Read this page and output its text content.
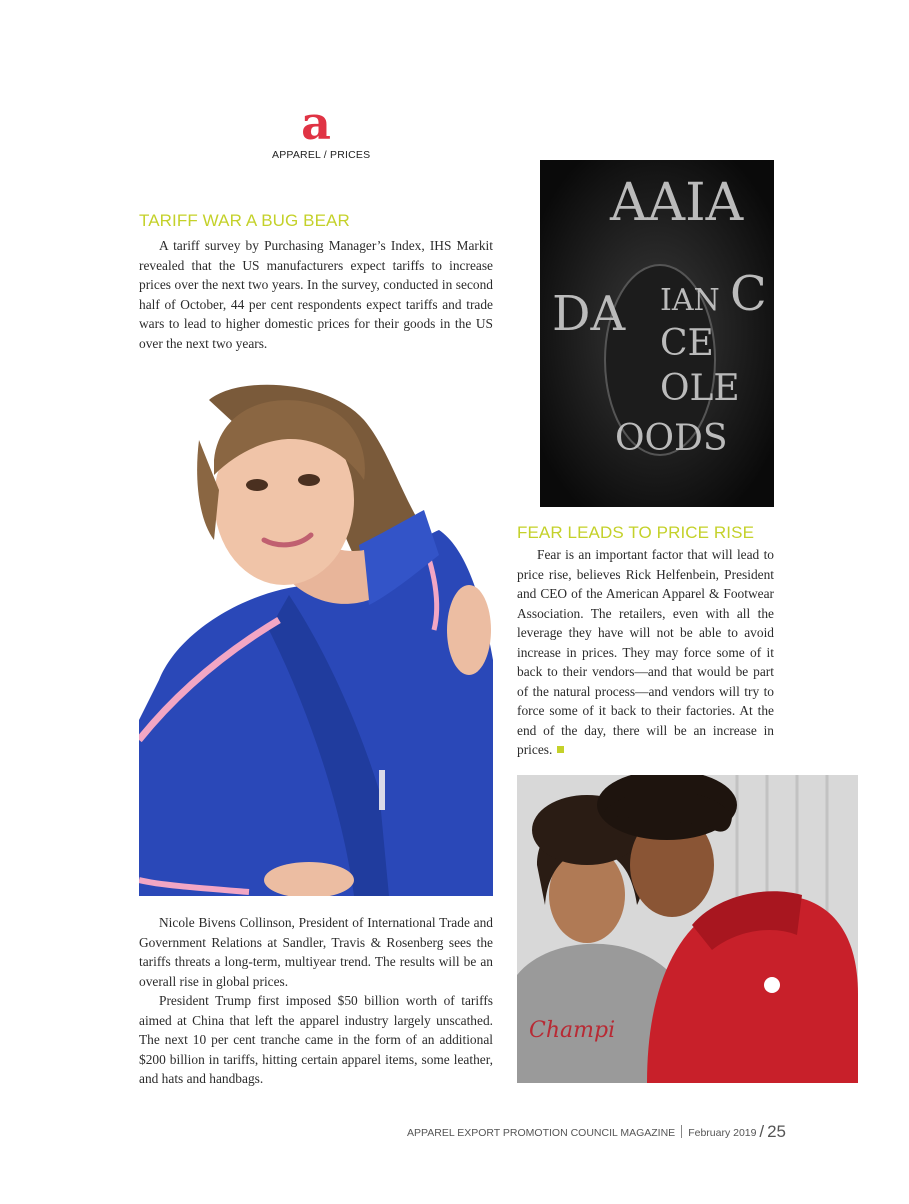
a
APPAREL / PRICES
TARIFF WAR A BUG BEAR

A tariff survey by Purchasing Manager’s Index, IHS Markit revealed that the US manufacturers expect tariffs to increase prices over the next two years. In the survey, conducted in second half of October, 44 per cent respondents expect tariffs and trade wars to lead to higher domestic prices for their goods in the US over the next two years.

Nicole Bivens Collinson, President of International Trade and Government Relations at Sandler, Travis & Rosenberg sees the tariffs threats a long-term, multiyear trend. The results will be an overall rise in global prices.

President Trump first imposed $50 billion worth of tariffs aimed at China that left the apparel industry largely unscathed. The next 10 per cent tranche came in the form of an additional $200 billion in tariffs, hitting certain apparel items, some leather, and hats and handbags.

AAIA
DA C
IAN
CE
OLE
OODS
FEAR LEADS TO PRICE RISE

Fear is an important factor that will lead to price rise, believes Rick Helfenbein, President and CEO of the American Apparel & Footwear Association. The retailers, even with all the leverage they have will not be able to avoid increase in prices. They may force some of it back to their vendors—and that would be part of the natural process—and vendors will try to force some of it back to their factories. At the end of the day, there will be an increase in prices.

Champi
APPAREL EXPORT PROMOTION COUNCIL MAGAZINE February 2019 / 25
